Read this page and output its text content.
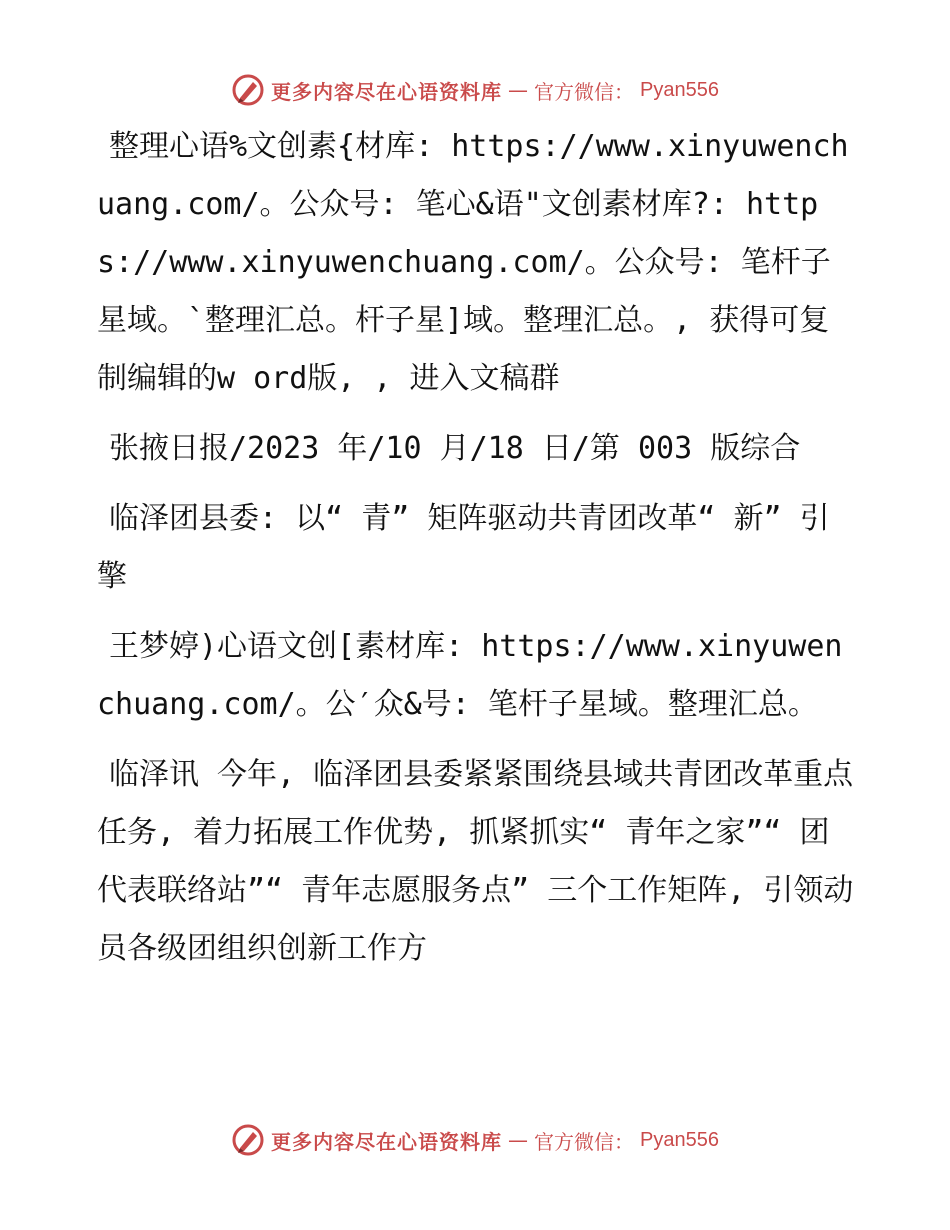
更多内容尽在心语资料库 — 官方微信： Pyan556

整理心语%文创素{材库: https://www.xinyuwenchuang.com/。公众号: 笔心&语"文创素材库?: https://www.xinyuwenchuang.com/。公众号: 笔杆子星域。`整理汇总。杆子星]域。整理汇总。, 获得可复制编辑的w ord版, , 进入文稿群

张掖日报/2023 年/10 月/18 日/第 003 版综合

临泽团县委: 以“ 青” 矩阵驱动共青团改革“ 新” 引擎

王梦婷)心语文创[素材库: https://www.xinyuwenchuang.com/。公′众&号: 笔杆子星域。整理汇总。

临泽讯 今年, 临泽团县委紧紧围绕县域共青团改革重点任务, 着力拓展工作优势, 抓紧抓实“ 青年之家”“ 团代表联络站”“ 青年志愿服务点” 三个工作矩阵, 引领动员各级团组织创新工作方

更多内容尽在心语资料库 — 官方微信： Pyan556
